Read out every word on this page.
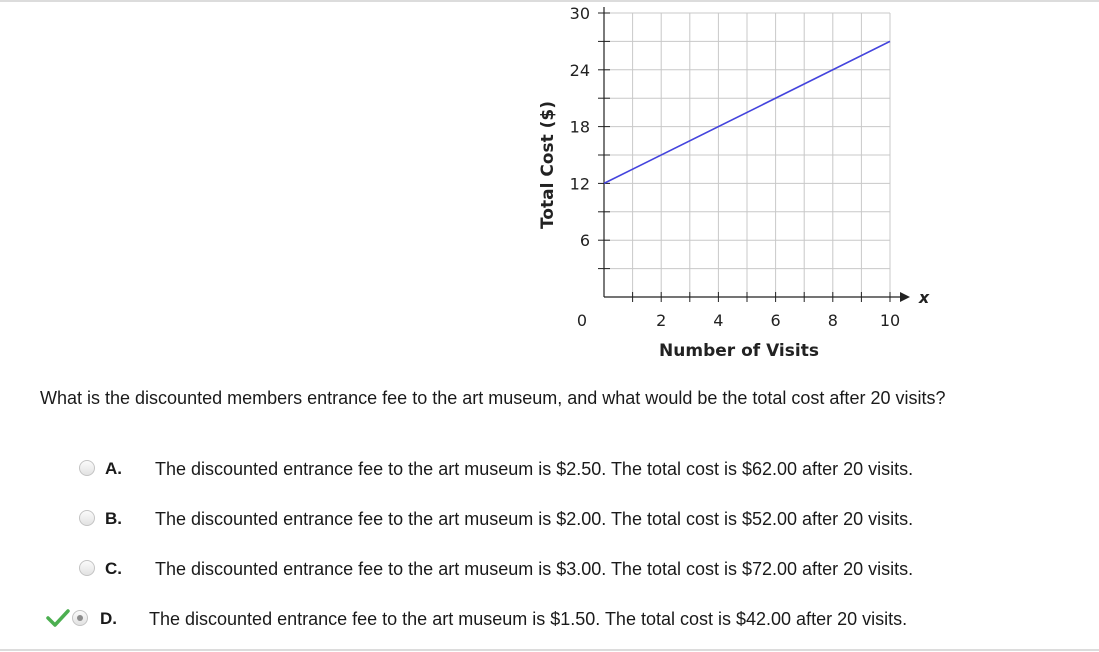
0	2	4	6	8	10
6
12
18
24
30
x
Number of Visits
Total Cost ($)
What is the discounted members entrance fee to the art museum, and what would be the total cost after 20 visits?
A. The discounted entrance fee to the art museum is $2.50. The total cost is $62.00 after 20 visits.
B. The discounted entrance fee to the art museum is $2.00. The total cost is $52.00 after 20 visits.
C. The discounted entrance fee to the art museum is $3.00. The total cost is $72.00 after 20 visits.
D. The discounted entrance fee to the art museum is $1.50. The total cost is $42.00 after 20 visits.
